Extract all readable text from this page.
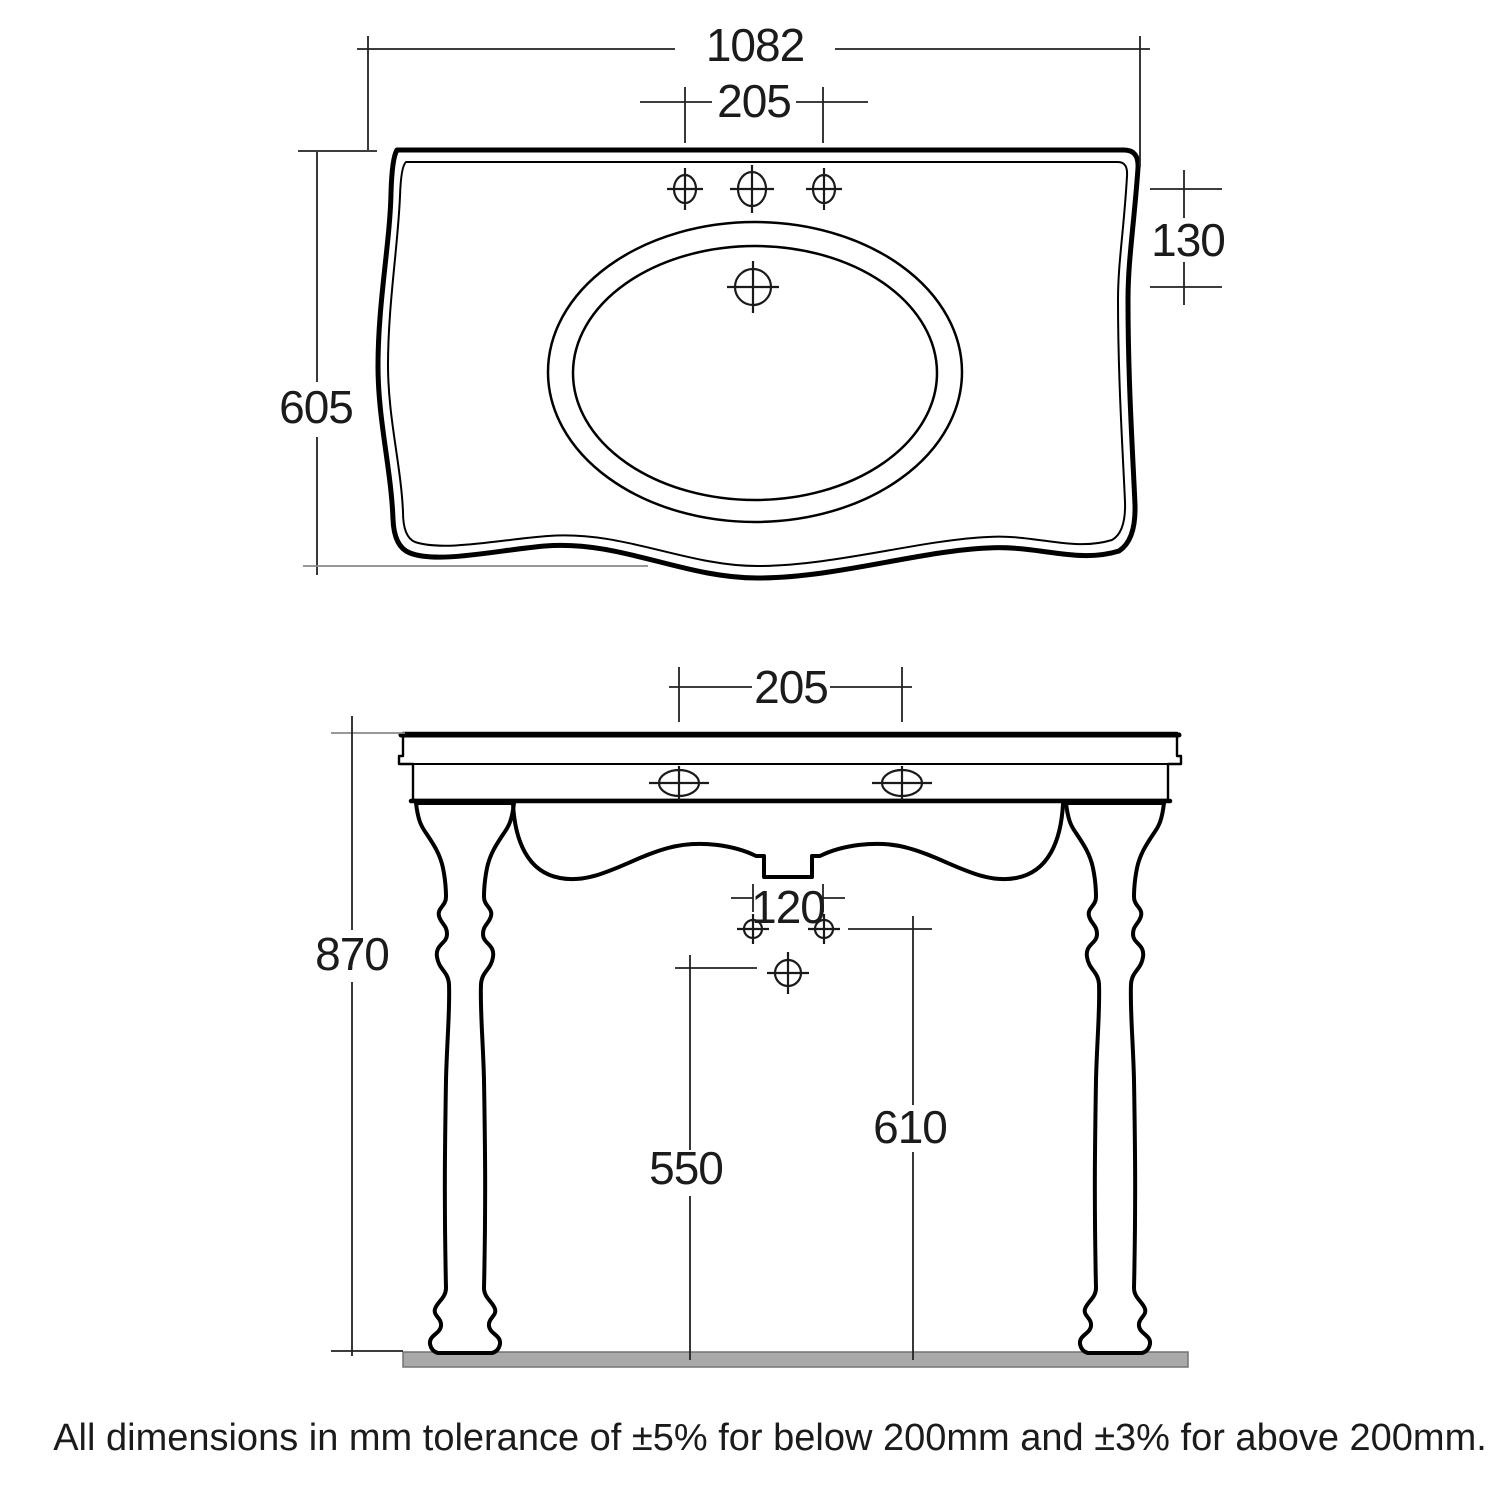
1082
205
605
130
205
120
870
550
610
All dimensions in mm tolerance of ±5% for below 200mm and ±3% for above 200mm.
